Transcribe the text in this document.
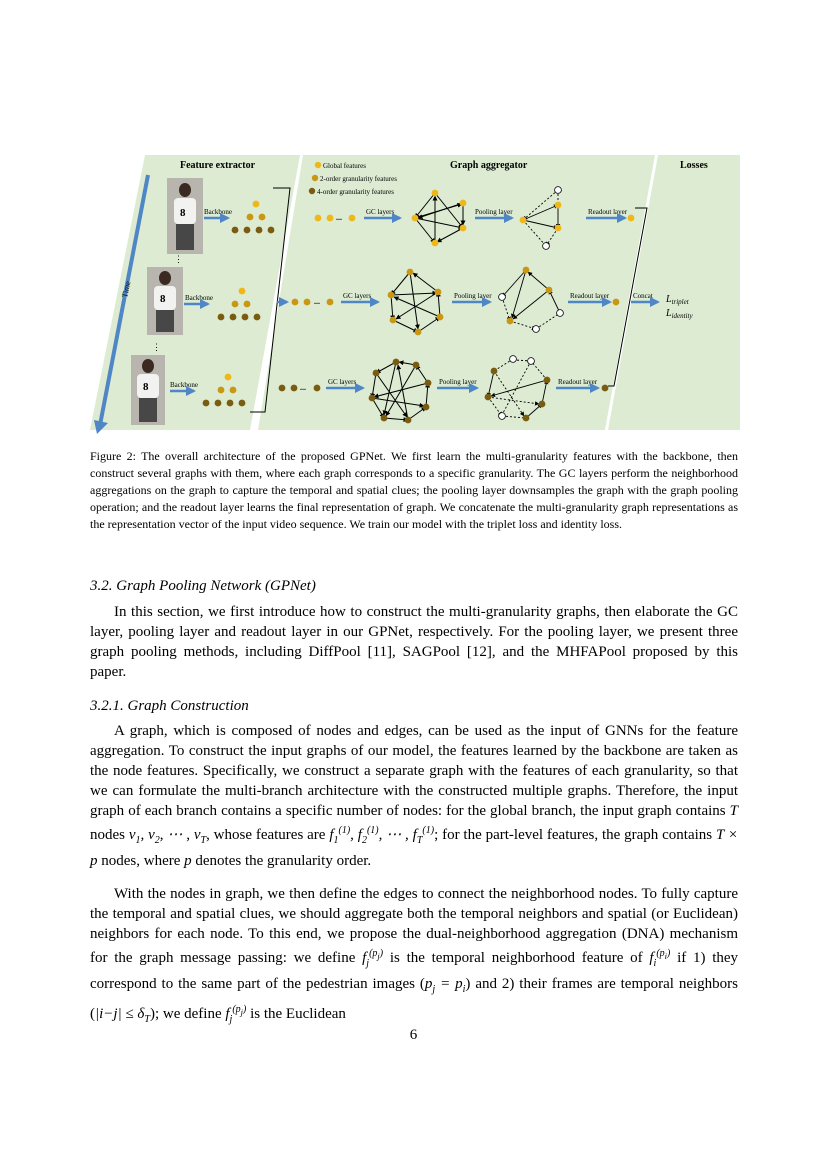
Feature extractor	Graph aggregator	Losses
Global features
2-order granularity features
4-order granularity features
Time
8
8
8
⋮
⋮
Backbone
Backbone
Backbone
...
GC layers	Pooling layer	Readout layer
...
GC layers	Pooling layer	Readout layer
...
GC layers	Pooling layer	Readout layer
Concat $L_{triplet}$
$L_{identity}$
Figure 2: The overall architecture of the proposed GPNet. We first learn the multi-granularity features with the backbone, then construct several graphs with them, where each graph corresponds to a specific granularity. The GC layers perform the neighborhood aggregations on the graph to capture the temporal and spatial clues; the pooling layer downsamples the graph with the graph pooling operation; and the readout layer learns the final representation of graph. We concatenate the multi-granularity graph representations as the representation vector of the input video sequence. We train our model with the triplet loss and identity loss.
3.2. Graph Pooling Network (GPNet)

In this section, we first introduce how to construct the multi-granularity graphs, then elaborate the GC layer, pooling layer and readout layer in our GPNet, respectively. For the pooling layer, we present three graph pooling methods, including DiffPool [11], SAGPool [12], and the MHFAPool proposed by this paper.

3.2.1. Graph Construction

A graph, which is composed of nodes and edges, can be used as the input of GNNs for the feature aggregation. To construct the input graphs of our model, the features learned by the backbone are taken as the node features. Specifically, we construct a separate graph with the features of each granularity, so that we can formulate the multi-branch architecture with the constructed multiple graphs. Therefore, the input graph of each branch contains a specific number of nodes: for the global branch, the input graph contains T nodes $v_1$, $v_2$, ⋯ , $v_T$, whose features are $f_1^{(1)}$, $f_2^{(1)}$, ⋯ , $f_T^{(1)}$; for the part-level features, the graph contains T × p nodes, where p denotes the granularity order.

With the nodes in graph, we then define the edges to connect the neighborhood nodes. To fully capture the temporal and spatial clues, we should aggregate both the temporal neighbors and spatial (or Euclidean) neighbors for each node. To this end, we propose the dual-neighborhood aggregation (DNA) mechanism for the graph message passing: we define $f_j^{(p_j)}$ is the temporal neighborhood feature of $f_i^{(p_i)}$ if 1) they correspond to the same part of the pedestrian images $(p_j = p_i)$ and 2) their frames are temporal neighbors $(|i-j| \le \delta_T)$; we define $f_j^{(p_j)}$ is the Euclidean

6
